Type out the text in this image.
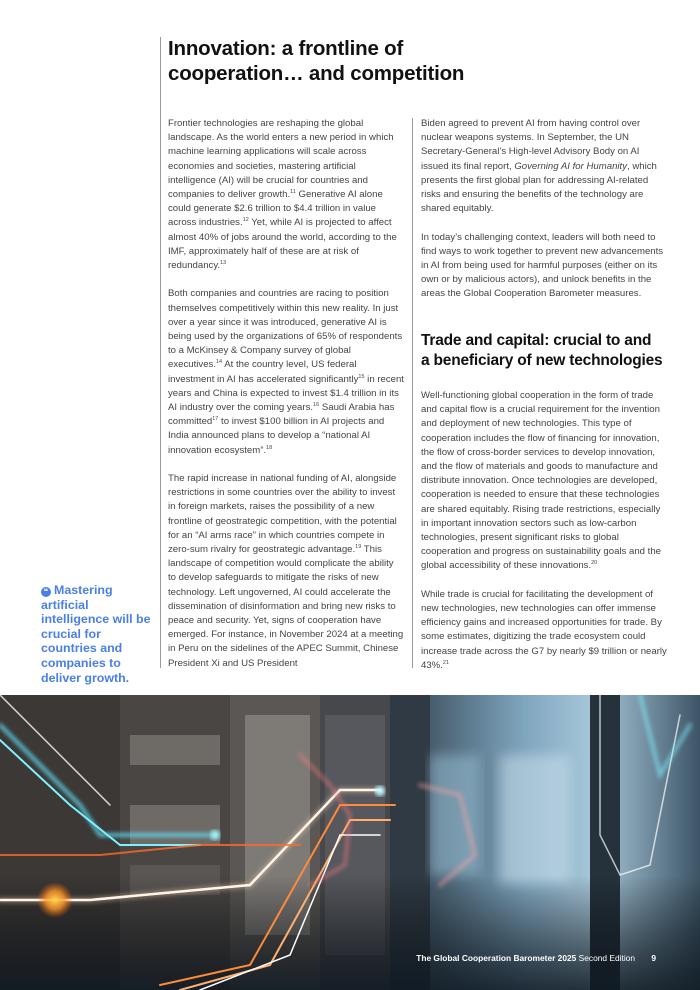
Innovation: a frontline of
cooperation… and competition

Frontier technologies are reshaping the global landscape. As the world enters a new period in which machine learning applications will scale across economies and societies, mastering artificial intelligence (AI) will be crucial for countries and companies to deliver growth.$^{11}$ Generative AI alone could generate $2.6 trillion to $4.4 trillion in value across industries.$^{12}$ Yet, while AI is projected to affect almost 40% of jobs around the world, according to the IMF, approximately half of these are at risk of redundancy.$^{13}$

Both companies and countries are racing to position themselves competitively within this new reality. In just over a year since it was introduced, generative AI is being used by the organizations of 65% of respondents to a McKinsey & Company survey of global executives.$^{14}$ At the country level, US federal investment in AI has accelerated significantly$^{15}$ in recent years and China is expected to invest $1.4 trillion in its AI industry over the coming years.$^{16}$ Saudi Arabia has committed$^{17}$ to invest $100 billion in AI projects and India announced plans to develop a “national AI innovation ecosystem”.$^{18}$

The rapid increase in national funding of AI, alongside restrictions in some countries over the ability to invest in foreign markets, raises the possibility of a new frontline of geostrategic competition, with the potential for an “AI arms race” in which countries compete in zero-sum rivalry for geostrategic advantage.$^{19}$ This landscape of competition would complicate the ability to develop safeguards to mitigate the risks of new technology. Left ungoverned, AI could accelerate the dissemination of disinformation and bring new risks to peace and security. Yet, signs of cooperation have emerged. For instance, in November 2024 at a meeting in Peru on the sidelines of the APEC Summit, Chinese President Xi and US President

Biden agreed to prevent AI from having control over nuclear weapons systems. In September, the UN Secretary-General’s High-level Advisory Body on AI issued its final report, Governing AI for Humanity, which presents the first global plan for addressing AI-related risks and ensuring the benefits of the technology are shared equitably.

In today’s challenging context, leaders will both need to find ways to work together to prevent new advancements in AI from being used for harmful purposes (either on its own or by malicious actors), and unlock benefits in the areas the Global Cooperation Barometer measures.

Trade and capital: crucial to and
a beneficiary of new technologies

Well-functioning global cooperation in the form of trade and capital flow is a crucial requirement for the invention and deployment of new technologies. This type of cooperation includes the flow of financing for innovation, the flow of cross-border services to develop innovation, and the flow of materials and goods to manufacture and distribute innovation. Once technologies are developed, cooperation is needed to ensure that these technologies are shared equitably. Rising trade restrictions, especially in important innovation sectors such as low-carbon technologies, present significant risks to global cooperation and progress on sustainability goals and the global accessibility of these innovations.$^{20}$

While trade is crucial for facilitating the development of new technologies, new technologies can offer immense efficiency gains and increased opportunities for trade. By some estimates, digitizing the trade ecosystem could increase trade across the G7 by nearly $9 trillion or nearly 43%.$^{21}$

❝ Mastering artificial intelligence will be crucial for countries and companies to deliver growth.
The Global Cooperation Barometer 2025 Second Edition 9
